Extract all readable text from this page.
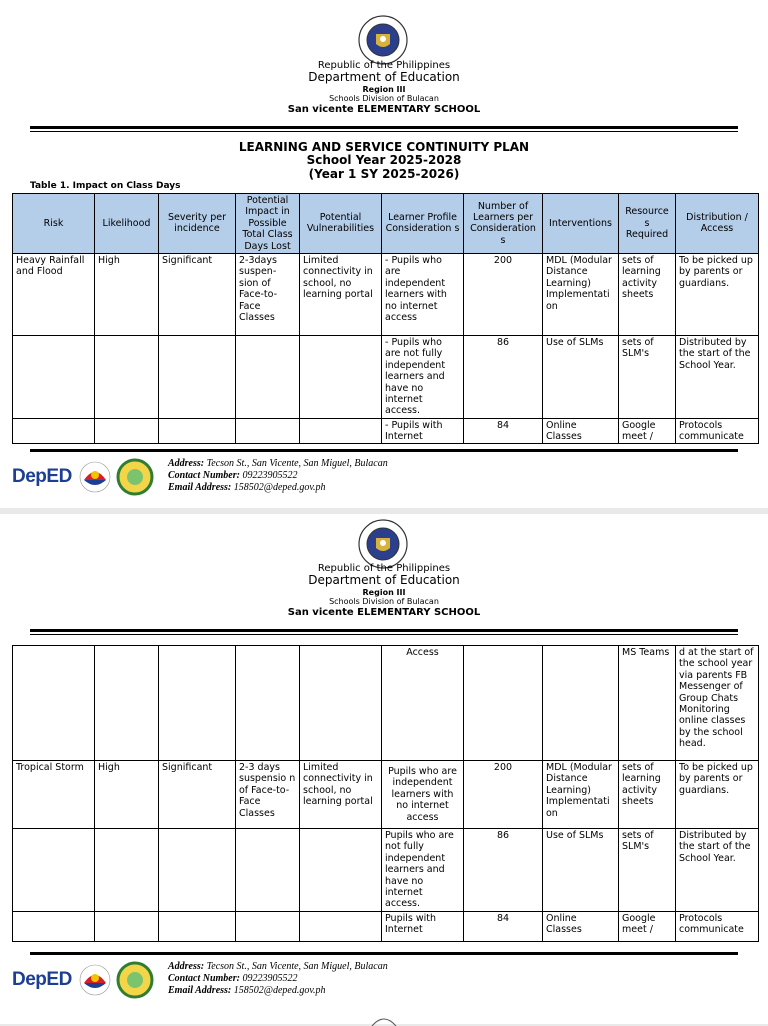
Republic of the Philippines
Department of Education
Region III
Schools Division of Bulacan
San vicente ELEMENTARY SCHOOL
LEARNING AND SERVICE CONTINUITY PLAN
School Year 2025-2028
(Year 1 SY 2025-2026)
Table 1. Impact on Class Days
Risk	Likelihood	Severity per incidence	Potential Impact in Possible Total Class Days Lost	Potential Vulnerabilities	Learner Profile Consideration s	Number of Learners per Consideration s	Interventions	Resource s Required	Distribution / Access
Heavy Rainfall and Flood	High	Significant	2-3days suspen- sion of Face-to- Face Classes	Limited connectivity in school, no learning portal	- Pupils who are independent learners with no internet access	200	MDL (Modular Distance Learning) Implementati on	sets of learning activity sheets	To be picked up by parents or guardians.
					- Pupils who are not fully independent learners and have no internet access.	86	Use of SLMs	sets of SLM's	Distributed by the start of the School Year.
					- Pupils with Internet	84	Online Classes	Google meet /	Protocols communicate
DepED
Address: Tecson St., San Vicente, San Miguel, Bulacan
Contact Number: 09223905522
Email Address: 158502@deped.gov.ph
Republic of the Philippines
Department of Education
Region III
Schools Division of Bulacan
San vicente ELEMENTARY SCHOOL
					Access			MS Teams	d at the start of the school year via parents FB Messenger of Group Chats Monitoring online classes by the school head.
Tropical Storm	High	Significant	2-3 days suspensio n of Face-to-Face Classes	Limited connectivity in school, no learning portal	Pupils who are independent learners with no internet access	200	MDL (Modular Distance Learning) Implementati on	sets of learning activity sheets	To be picked up by parents or guardians.
					Pupils who are not fully independent learners and have no internet access.	86	Use of SLMs	sets of SLM's	Distributed by the start of the School Year.
					Pupils with Internet	84	Online Classes	Google meet /	Protocols communicate
DepED
Address: Tecson St., San Vicente, San Miguel, Bulacan
Contact Number: 09223905522
Email Address: 158502@deped.gov.ph
